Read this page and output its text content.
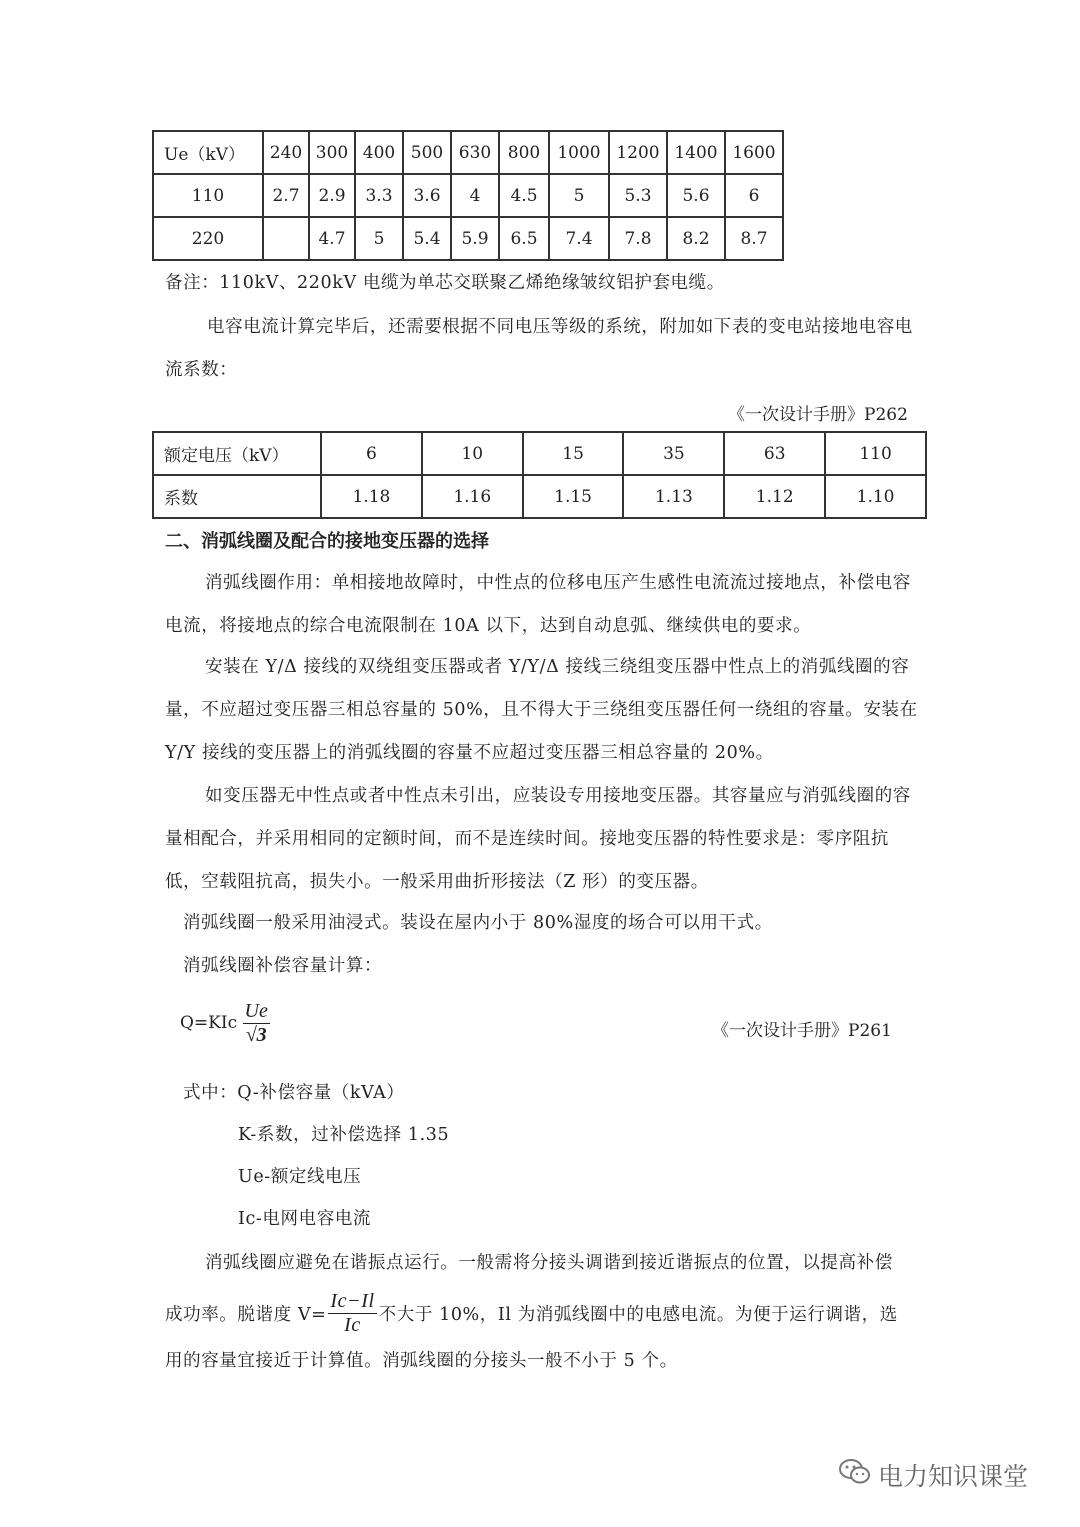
Ue（kV）	240	300	400	500	630	800	1000	1200	1400	1600
110	2.7	2.9	3.3	3.6	4	4.5	5	5.3	5.6	6
220		4.7	5	5.4	5.9	6.5	7.4	7.8	8.2	8.7
备注：110kV、220kV 电缆为单芯交联聚乙烯绝缘皱纹铝护套电缆。
电容电流计算完毕后，还需要根据不同电压等级的系统，附加如下表的变电站接地电容电流系数：
《一次设计手册》P262
额定电压（kV）	6	10	15	35	63	110
系数	1.18	1.16	1.15	1.13	1.12	1.10
二、消弧线圈及配合的接地变压器的选择
消弧线圈作用：单相接地故障时，中性点的位移电压产生感性电流流过接地点，补偿电容电流，将接地点的综合电流限制在 10A 以下，达到自动息弧、继续供电的要求。
安装在 Y/Δ 接线的双绕组变压器或者 Y/Y/Δ 接线三绕组变压器中性点上的消弧线圈的容量，不应超过变压器三相总容量的 50%，且不得大于三绕组变压器任何一绕组的容量。安装在 Y/Y 接线的变压器上的消弧线圈的容量不应超过变压器三相总容量的 20%。
如变压器无中性点或者中性点未引出，应装设专用接地变压器。其容量应与消弧线圈的容量相配合，并采用相同的定额时间，而不是连续时间。接地变压器的特性要求是：零序阻抗低，空载阻抗高，损失小。一般采用曲折形接法（Z 形）的变压器。
消弧线圈一般采用油浸式。装设在屋内小于 80%湿度的场合可以用干式。
消弧线圈补偿容量计算：
$Q=KIc \frac{Ue}{√3}$	《一次设计手册》P261
式中：Q-补偿容量（kVA）
K-系数，过补偿选择 1.35
Ue-额定线电压
Ic-电网电容电流
消弧线圈应避免在谐振点运行。一般需将分接头调谐到接近谐振点的位置，以提高补偿
成功率。脱谐度 $V= \frac{Ic-Il}{Ic}$ 不大于 10%，Il 为消弧线圈中的电感电流。为便于运行调谐，选
用的容量宜接近于计算值。消弧线圈的分接头一般不小于 5 个。
电力知识课堂
